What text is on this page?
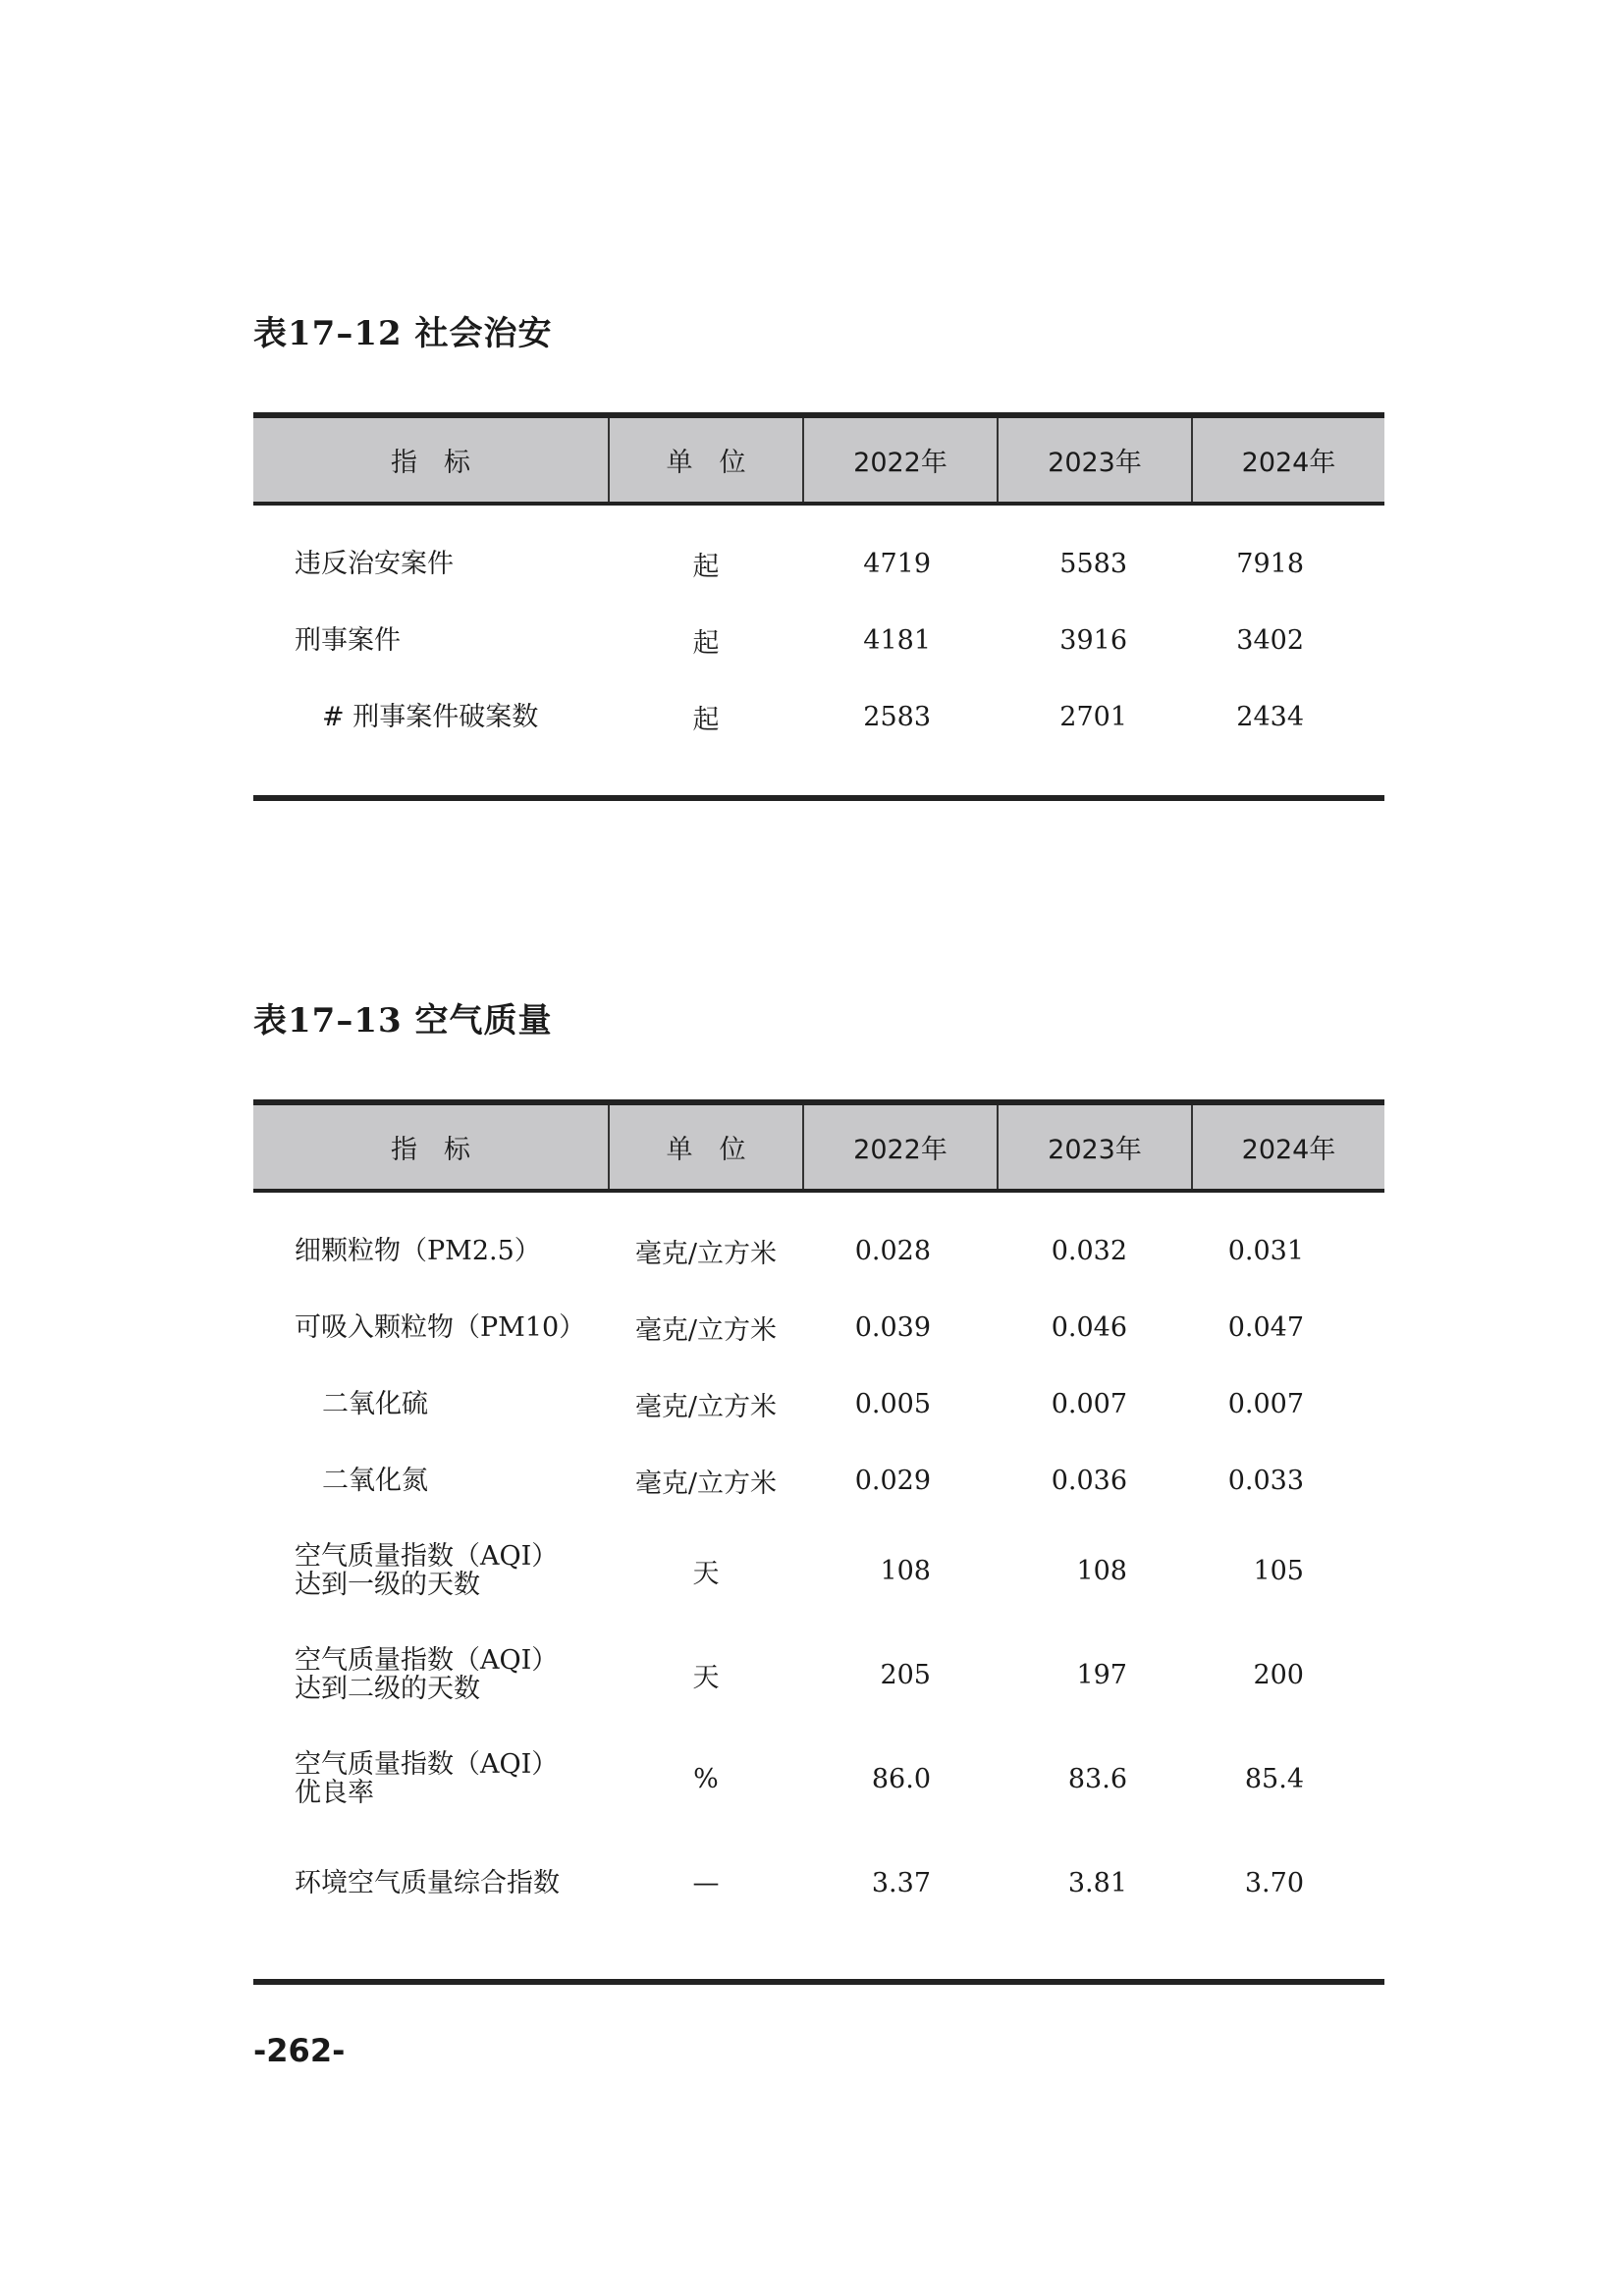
表17–12 社会治安
指　标	单　位	2022年	2023年	2024年

违反治安案件	起	4719	5583	7918
刑事案件	起	4181	3916	3402
# 刑事案件破案数	起	2583	2701	2434

表17–13 空气质量
指　标	单　位	2022年	2023年	2024年

细颗粒物（PM2.5）	毫克/立方米	0.028	0.032	0.031
可吸入颗粒物（PM10）	毫克/立方米	0.039	0.046	0.047
二氧化硫	毫克/立方米	0.005	0.007	0.007
二氧化氮	毫克/立方米	0.029	0.036	0.033

空气质量指数（AQI）
达到一级的天数	天	108	108	105

空气质量指数（AQI）
达到二级的天数	天	205	197	200

空气质量指数（AQI）
优良率	%	86.0	83.6	85.4
环境空气质量综合指数	—	3.37	3.81	3.70

-262-
